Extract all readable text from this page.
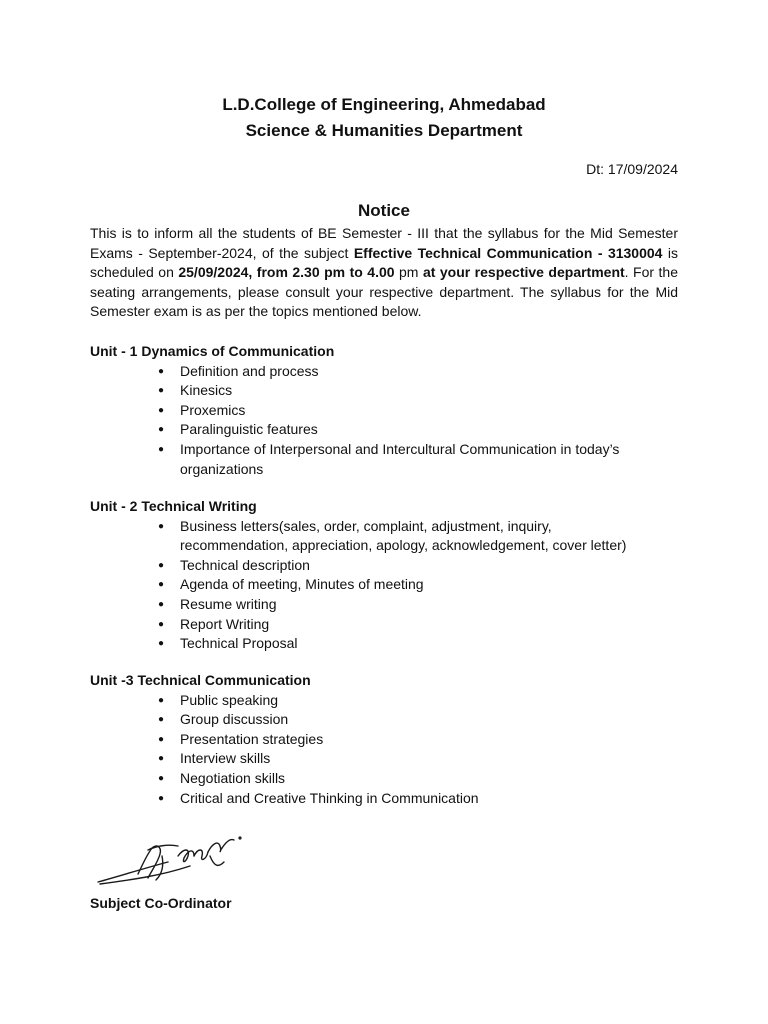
L.D.College of Engineering, Ahmedabad
Science & Humanities Department
Dt: 17/09/2024
Notice
This is to inform all the students of BE Semester - III that the syllabus for the Mid Semester Exams - September-2024, of the subject Effective Technical Communication - 3130004 is scheduled on 25/09/2024, from 2.30 pm to 4.00 pm at your respective department. For the seating arrangements, please consult your respective department. The syllabus for the Mid Semester exam is as per the topics mentioned below.
Unit - 1 Dynamics of Communication
● Definition and process
● Kinesics
● Proxemics
● Paralinguistic features
● Importance of Interpersonal and Intercultural Communication in today’s organizations
Unit - 2 Technical Writing
● Business letters(sales, order, complaint, adjustment, inquiry, recommendation, appreciation, apology, acknowledgement, cover letter)
● Technical description
● Agenda of meeting, Minutes of meeting
● Resume writing
● Report Writing
● Technical Proposal
Unit -3 Technical Communication
● Public speaking
● Group discussion
● Presentation strategies
● Interview skills
● Negotiation skills
● Critical and Creative Thinking in Communication
Subject Co-Ordinator
